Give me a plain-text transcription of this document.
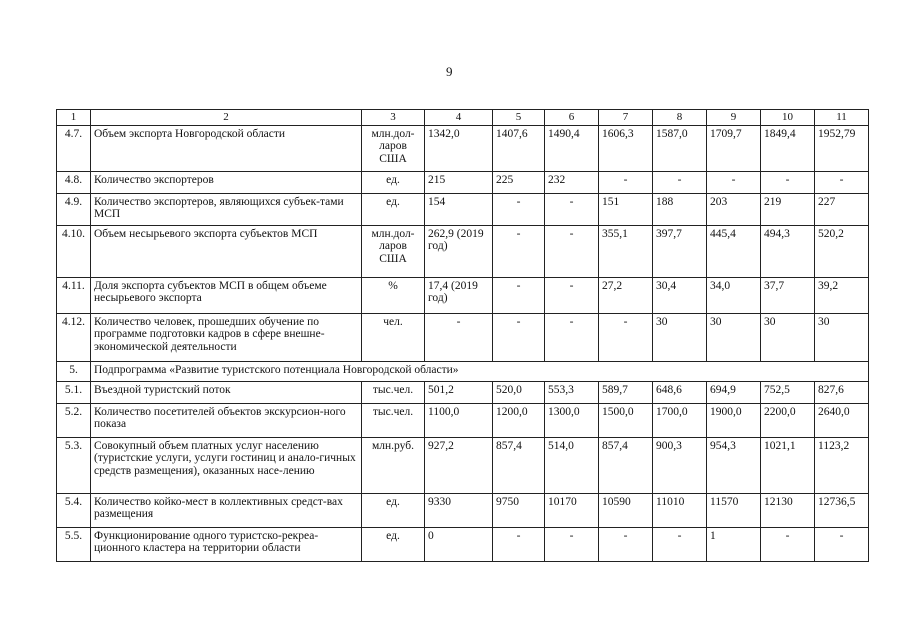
9
1	2	3	4	5	6	7	8	9	10	11
4.7.	Объем экспорта Новгородской области	млн.дол-ларов США	1342,0	1407,6	1490,4	1606,3	1587,0	1709,7	1849,4	1952,79
4.8.	Количество экспортеров	ед.	215	225	232	-	-	-	-	-
4.9.	Количество экспортеров, являющихся субъек-тами МСП	ед.	154	-	-	151	188	203	219	227
4.10.	Объем несырьевого экспорта субъектов МСП	млн.дол-ларов США	262,9 (2019 год)	-	-	355,1	397,7	445,4	494,3	520,2
4.11.	Доля экспорта субъектов МСП в общем объеме несырьевого экспорта	%	17,4 (2019 год)	-	-	27,2	30,4	34,0	37,7	39,2
4.12.	Количество человек, прошедших обучение по программе подготовки кадров в сфере внешне-экономической деятельности	чел.	-	-	-	-	30	30	30	30
5.	Подпрограмма «Развитие туристского потенциала Новгородской области»									
5.1.	Въездной туристский поток	тыс.чел.	501,2	520,0	553,3	589,7	648,6	694,9	752,5	827,6
5.2.	Количество посетителей объектов экскурсион-ного показа	тыс.чел.	1100,0	1200,0	1300,0	1500,0	1700,0	1900,0	2200,0	2640,0
5.3.	Совокупный объем платных услуг населению (туристские услуги, услуги гостиниц и анало-гичных средств размещения), оказанных насе-лению	млн.руб.	927,2	857,4	514,0	857,4	900,3	954,3	1021,1	1123,2
5.4.	Количество койко-мест в коллективных средст-вах размещения	ед.	9330	9750	10170	10590	11010	11570	12130	12736,5
5.5.	Функционирование одного туристско-рекреа-ционного кластера на территории области	ед.	0	-	-	-	-	1	-	-
